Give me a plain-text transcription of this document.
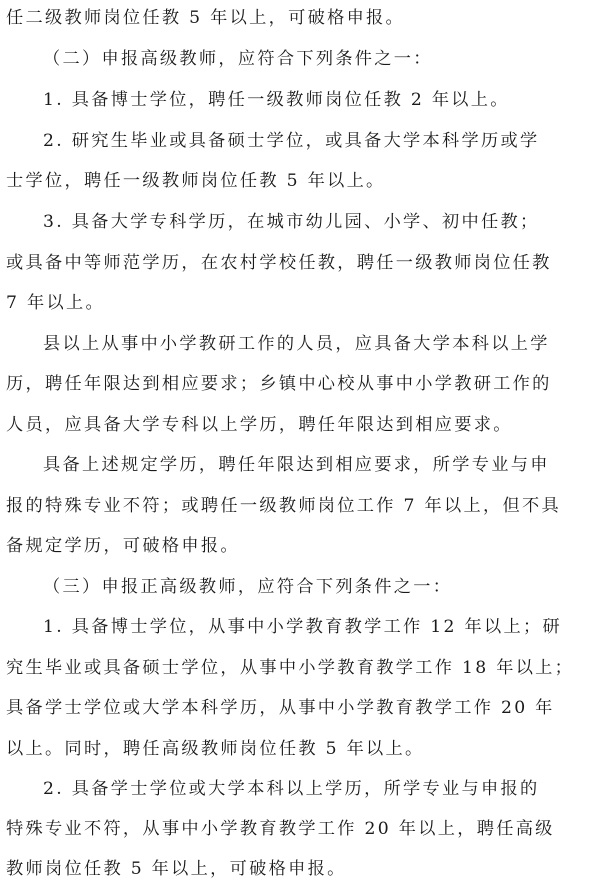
任二级教师岗位任教 5 年以上，可破格申报。
（二）申报高级教师，应符合下列条件之一：
1. 具备博士学位，聘任一级教师岗位任教 2 年以上。
2. 研究生毕业或具备硕士学位，或具备大学本科学历或学
士学位，聘任一级教师岗位任教 5 年以上。
3. 具备大学专科学历，在城市幼儿园、小学、初中任教；
或具备中等师范学历，在农村学校任教，聘任一级教师岗位任教
7 年以上。
县以上从事中小学教研工作的人员，应具备大学本科以上学
历，聘任年限达到相应要求；乡镇中心校从事中小学教研工作的
人员，应具备大学专科以上学历，聘任年限达到相应要求。
具备上述规定学历，聘任年限达到相应要求，所学专业与申
报的特殊专业不符；或聘任一级教师岗位工作 7 年以上，但不具
备规定学历，可破格申报。
（三）申报正高级教师，应符合下列条件之一：
1. 具备博士学位，从事中小学教育教学工作 12 年以上；研
究生毕业或具备硕士学位，从事中小学教育教学工作 18 年以上；
具备学士学位或大学本科学历，从事中小学教育教学工作 20 年
以上。同时，聘任高级教师岗位任教 5 年以上。
2. 具备学士学位或大学本科以上学历，所学专业与申报的
特殊专业不符，从事中小学教育教学工作 20 年以上，聘任高级
教师岗位任教 5 年以上，可破格申报。
